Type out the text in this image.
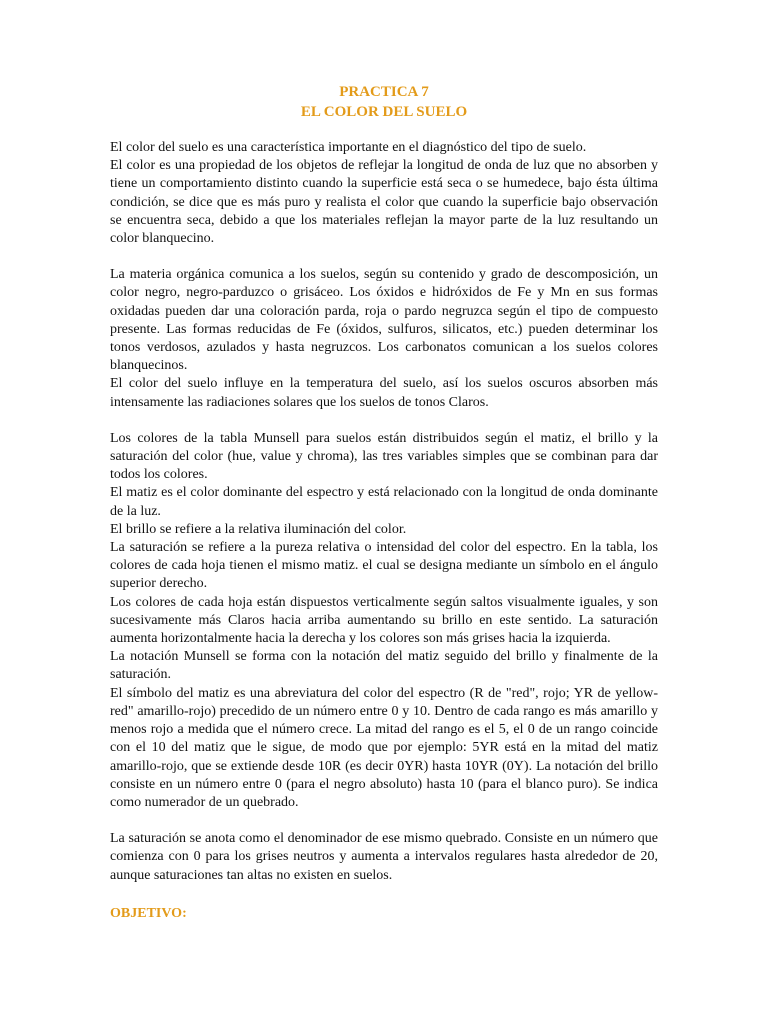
PRACTICA 7

EL COLOR DEL SUELO

El color del suelo es una característica importante en el diagnóstico del tipo de suelo.

El color es una propiedad de los objetos de reflejar la longitud de onda de luz que no absorben y tiene un comportamiento distinto cuando la superficie está seca o se humedece, bajo ésta última condición, se dice que es más puro y realista el color que cuando la superficie bajo observación se encuentra seca, debido a que los materiales reflejan la mayor parte de la luz resultando un color blanquecino.

La materia orgánica comunica a los suelos, según su contenido y grado de descomposición, un color negro, negro-parduzco o grisáceo. Los óxidos e hidróxidos de Fe y Mn en sus formas oxidadas pueden dar una coloración parda, roja o pardo negruzca según el tipo de compuesto presente. Las formas reducidas de Fe (óxidos, sulfuros, silicatos, etc.) pueden determinar los tonos verdosos, azulados y hasta negruzcos. Los carbonatos comunican a los suelos colores blanquecinos.

El color del suelo influye en la temperatura del suelo, así los suelos oscuros absorben más intensamente las radiaciones solares que los suelos de tonos Claros.

Los colores de la tabla Munsell para suelos están distribuidos según el matiz, el brillo y la saturación del color (hue, value y chroma), las tres variables simples que se combinan para dar todos los colores.

El matiz es el color dominante del espectro y está relacionado con la longitud de onda dominante de la luz.

El brillo se refiere a la relativa iluminación del color.

La saturación se refiere a la pureza relativa o intensidad del color del espectro. En la tabla, los colores de cada hoja tienen el mismo matiz. el cual se designa mediante un símbolo en el ángulo superior derecho.

Los colores de cada hoja están dispuestos verticalmente según saltos visualmente iguales, y son sucesivamente más Claros hacia arriba aumentando su brillo en este sentido. La saturación aumenta horizontalmente hacia la derecha y los colores son más grises hacia la izquierda.

La notación Munsell se forma con la notación del matiz seguido del brillo y finalmente de la saturación.

El símbolo del matiz es una abreviatura del color del espectro (R de "red", rojo; YR de yellow-red" amarillo-rojo) precedido de un número entre 0 y 10. Dentro de cada rango es más amarillo y menos rojo a medida que el número crece. La mitad del rango es el 5, el 0 de un rango coincide con el 10 del matiz que le sigue, de modo que por ejemplo: 5YR está en la mitad del matiz amarillo-rojo, que se extiende desde 10R (es decir 0YR) hasta 10YR (0Y). La notación del brillo consiste en un número entre 0 (para el negro absoluto) hasta 10 (para el blanco puro). Se indica como numerador de un quebrado.

La saturación se anota como el denominador de ese mismo quebrado. Consiste en un número que comienza con 0 para los grises neutros y aumenta a intervalos regulares hasta alrededor de 20, aunque saturaciones tan altas no existen en suelos.

OBJETIVO:
